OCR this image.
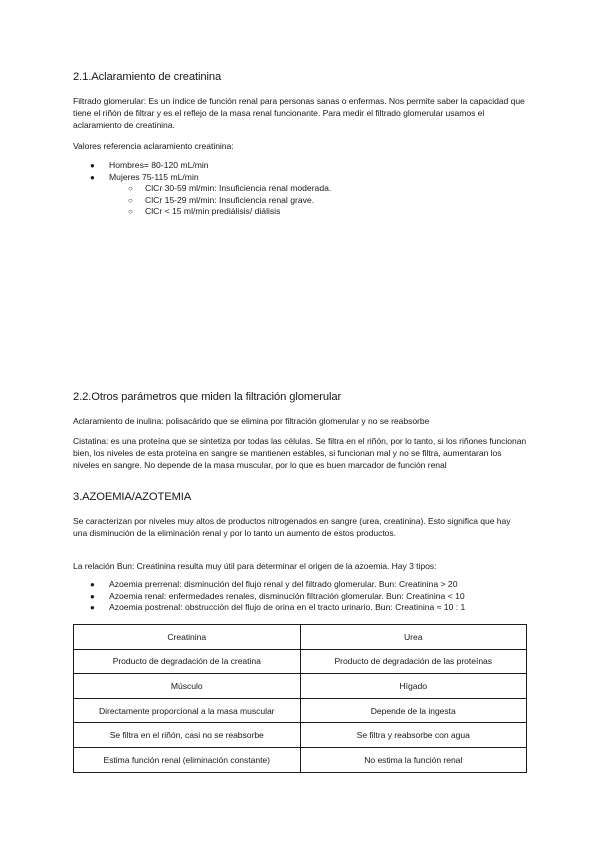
2.1.Aclaramiento de creatinina

Filtrado glomerular: Es un índice de función renal para personas sanas o enfermas. Nos permite saber la capacidad que tiene el riñón de filtrar y es el reflejo de la masa renal funcionante. Para medir el filtrado glomerular usamos el aclaramiento de creatinina.

Valores referencia aclaramiento creatinina:

● Hombres= 80-120 mL/min
● Mujeres 75-115 mL/min
○ ClCr 30-59 ml/min: Insuficiencia renal moderada.
○ ClCr 15-29 ml/min: Insuficiencia renal grave.
○ ClCr < 15 ml/min prediálisis/ diálisis
2.2.Otros parámetros que miden la filtración glomerular

Aclaramiento de inulina: polisacárido que se elimina por filtración glomerular y no se reabsorbe

Cistatina: es una proteína que se sintetiza por todas las células. Se filtra en el riñón, por lo tanto, si los riñones funcionan bien, los niveles de esta proteína en sangre se mantienen estables, si funcionan mal y no se filtra, aumentaran los niveles en sangre. No depende de la masa muscular, por lo que es buen marcador de función renal

3.AZOEMIA/AZOTEMIA

Se caracterizan por niveles muy altos de productos nitrogenados en sangre (urea, creatinina). Esto significa que hay una disminución de la eliminación renal y por lo tanto un aumento de estos productos.

La relación Bun: Creatinina resulta muy útil para determinar el origen de la azoemia. Hay 3 tipos:

● Azoemia prerrenal: disminución del flujo renal y del filtrado glomerular. Bun: Creatinina > 20
● Azoemia renal: enfermedades renales, disminución filtración glomerular. Bun: Creatinina < 10
● Azoemia postrenal: obstrucción del flujo de orina en el tracto urinario. Bun: Creatinina ≈ 10 : 1
Creatinina	Urea
Producto de degradación de la creatina	Producto de degradación de las proteínas
Músculo	Hígado
Directamente proporcional a la masa muscular	Depende de la ingesta
Se filtra en el riñón, casi no se reabsorbe	Se filtra y reabsorbe con agua
Estima función renal (eliminación constante)	No estima la función renal
